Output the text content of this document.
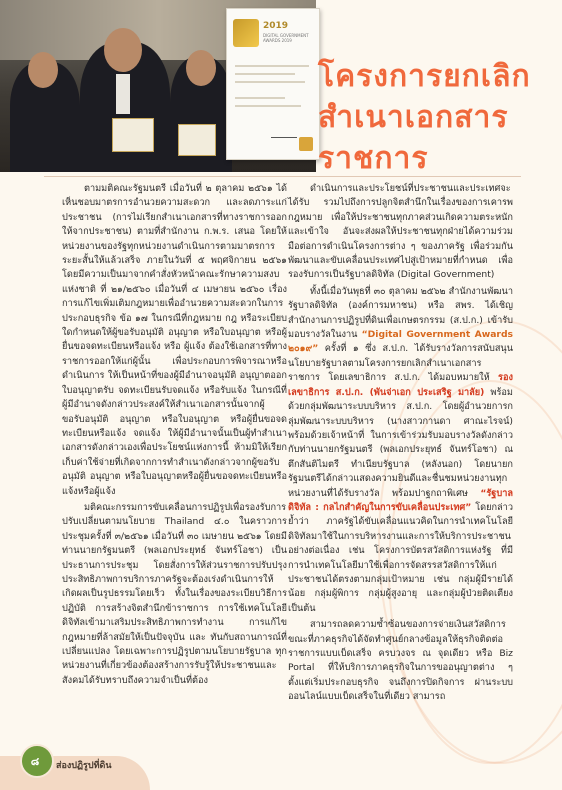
2019
DIGITAL GOVERNMENT AWARDS 2019
โครงการยกเลิกสำเนาเอกสารราชการ

ตามมติคณะรัฐมนตรี เมื่อวันที่ ๒ ตุลาคม ๒๕๖๑ ได้เห็นชอบมาตรการอำนวยความสะดวก และลดภาระแก่ประชาชน (การไม่เรียกสำเนาเอกสารที่ทางราชการออกให้จากประชาชน) ตามที่สำนักงาน ก.พ.ร. เสนอ โดยให้หน่วยงานของรัฐทุกหน่วยงานดำเนินการตามมาตรการระยะสั้นให้แล้วเสร็จ ภายในวันที่ ๕ พฤศจิกายน ๒๕๖๑ โดยมีความเป็นมาจากคำสั่งหัวหน้าคณะรักษาความสงบแห่งชาติ ที่ ๒๑/๒๕๖๐ เมื่อวันที่ ๔ เมษายน ๒๕๖๐ เรื่องการแก้ไขเพิ่มเติมกฎหมายเพื่ออำนวยความสะดวกในการประกอบธุรกิจ ข้อ ๑๗ ในกรณีที่กฎหมาย กฎ หรือระเบียบใดกำหนดให้ผู้ขอรับอนุมัติ อนุญาต หรือใบอนุญาต หรือผู้ยื่นขอจดทะเบียนหรือแจ้ง หรือ ผู้แจ้ง ต้องใช้เอกสารที่ทางราชการออกให้แก่ผู้นั้น เพื่อประกอบการพิจารณาหรือดำเนินการ ให้เป็นหน้าที่ของผู้มีอำนาจอนุมัติ อนุญาตออกใบอนุญาตรับ จดทะเบียนรับจดแจ้ง หรือรับแจ้ง ในกรณีที่ผู้มีอำนาจดังกล่าวประสงค์ให้สำเนาเอกสารนั้นจากผู้ขอรับอนุมัติ อนุญาต หรือใบอนุญาต หรือผู้ยื่นขอจดทะเบียนหรือแจ้ง จดแจ้ง ให้ผู้มีอำนาจนั้นเป็นผู้ทำสำเนาเอกสารดังกล่าวเองเพื่อประโยชน์แห่งการนี้ ห้ามมิให้เรียกเก็บค่าใช้จ่ายที่เกิดจากการทำสำเนาดังกล่าวจากผู้ขอรับอนุมัติ อนุญาต หรือใบอนุญาตหรือผู้ยื่นขอจดทะเบียนหรือแจ้งหรือผู้แจ้ง

มติคณะกรรมการขับเคลื่อนการปฏิรูปเพื่อรองรับการปรับเปลี่ยนตามนโยบาย Thailand ๔.๐ ในคราวการประชุมครั้งที่ ๓/๒๕๖๑ เมื่อวันที่ ๓๐ เมษายน ๒๕๖๑ โดยมีท่านนายกรัฐมนตรี (พลเอกประยุทธ์ จันทร์โอชา) เป็นประธานการประชุม โดยสั่งการให้ส่วนราชการปรับปรุงประสิทธิภาพการบริการภาครัฐจะต้องเร่งดำเนินการให้เกิดผลเป็นรูปธรรมโดยเร็ว ทั้งในเรื่องของระเบียบวิธีการปฏิบัติ การสร้างจิตสำนึกข้าราชการ การใช้เทคโนโลยีดิจิทัลเข้ามาเสริมประสิทธิภาพการทำงาน การแก้ไขกฎหมายที่ล้าสมัยให้เป็นปัจจุบัน และ ทันกับสถานการณ์ที่เปลี่ยนแปลง โดยเฉพาะการปฏิรูปตามนโยบายรัฐบาล ทุกหน่วยงานที่เกี่ยวข้องต้องสร้างการรับรู้ให้ประชาชนและสังคมได้รับทราบถึงความจำเป็นที่ต้อง

ดำเนินการและประโยชน์ที่ประชาชนและประเทศจะได้รับ รวมไปถึงการปลูกจิตสำนึกในเรื่องของการเคารพกฎหมาย เพื่อให้ประชาชนทุกภาคส่วนเกิดความตระหนัก และเข้าใจ อันจะส่งผลให้ประชาชนทุกฝ่ายได้ความร่วมมือต่อการดำเนินโครงการต่าง ๆ ของภาครัฐ เพื่อร่วมกันพัฒนาและขับเคลื่อนประเทศไปสู่เป้าหมายที่กำหนด เพื่อรองรับการเป็นรัฐบาลดิจิทัล (Digital Government)

ทั้งนี้เมื่อวันพุธที่ ๓๐ ตุลาคม ๒๕๖๒ สำนักงานพัฒนารัฐบาลดิจิทัล (องค์การมหาชน) หรือ สพร. ได้เชิญสำนักงานการปฏิรูปที่ดินเพื่อเกษตรกรรม (ส.ป.ก.) เข้ารับมอบรางวัลในงาน “Digital Government Awards ๒๐๑๙” ครั้งที่ ๑ ซึ่ง ส.ป.ก. ได้รับรางวัลการสนับสนุนนโยบายรัฐบาลตามโครงการยกเลิกสำเนาเอกสารราชการ โดยเลขาธิการ ส.ป.ก. ได้มอบหมายให้ รองเลขาธิการ ส.ป.ก. (พันจ่าเอก ประเสริฐ มาลัย) พร้อมด้วยกลุ่มพัฒนาระบบบริหาร ส.ป.ก. โดยผู้อำนวยการกลุ่มพัฒนาระบบบริหาร (นางสาวกานดา ศาณะไรจน์) พร้อมด้วยเจ้าหน้าที่ ในการเข้าร่วมรับมอบรางวัลดังกล่าว กับท่านนายกรัฐมนตรี (พลเอกประยุทธ์ จันทร์โอชา) ณ ตึกสันติไมตรี ทำเนียบรัฐบาล (หลังนอก) โดยนายกรัฐมนตรีได้กล่าวแสดงความยินดีและชื่นชมหน่วยงานทุกหน่วยงานที่ได้รับรางวัล พร้อมปาฐกถาพิเศษ “รัฐบาลดิจิทัล : กลไกสำคัญในการขับเคลื่อนประเทศ” โดยกล่าวย้ำว่า ภาครัฐได้ขับเคลื่อนแนวคิดในการนำเทคโนโลยีดิจิทัลมาใช้ในการบริหารงานและการให้บริการประชาชนอย่างต่อเนื่อง เช่น โครงการบัตรสวัสดิการแห่งรัฐ ที่มีการนำเทคโนโลยีมาใช้เพื่อการจัดสรรสวัสดิการให้แก่ประชาชนได้ตรงตามกลุ่มเป้าหมาย เช่น กลุ่มผู้มีรายได้น้อย กลุ่มผู้พิการ กลุ่มผู้สูงอายุ และกลุ่มผู้ป่วยติดเตียง เป็นต้น

สามารถลดความซ้ำซ้อนของการจ่ายเงินสวัสดิการ ขณะที่ภาคธุรกิจได้จัดทำศูนย์กลางข้อมูลให้ธุรกิจติดต่อราชการแบบเบ็ดเสร็จ ครบวงจร ณ จุดเดียว หรือ Biz Portal ที่ให้บริการภาคธุรกิจในการขออนุญาตต่าง ๆ ตั้งแต่เริ่มประกอบธุรกิจ จนถึงการปิดกิจการ ผ่านระบบออนไลน์แบบเบ็ดเสร็จในที่เดียว สามารถ

๘	ส่องปฏิรูปที่ดิน
